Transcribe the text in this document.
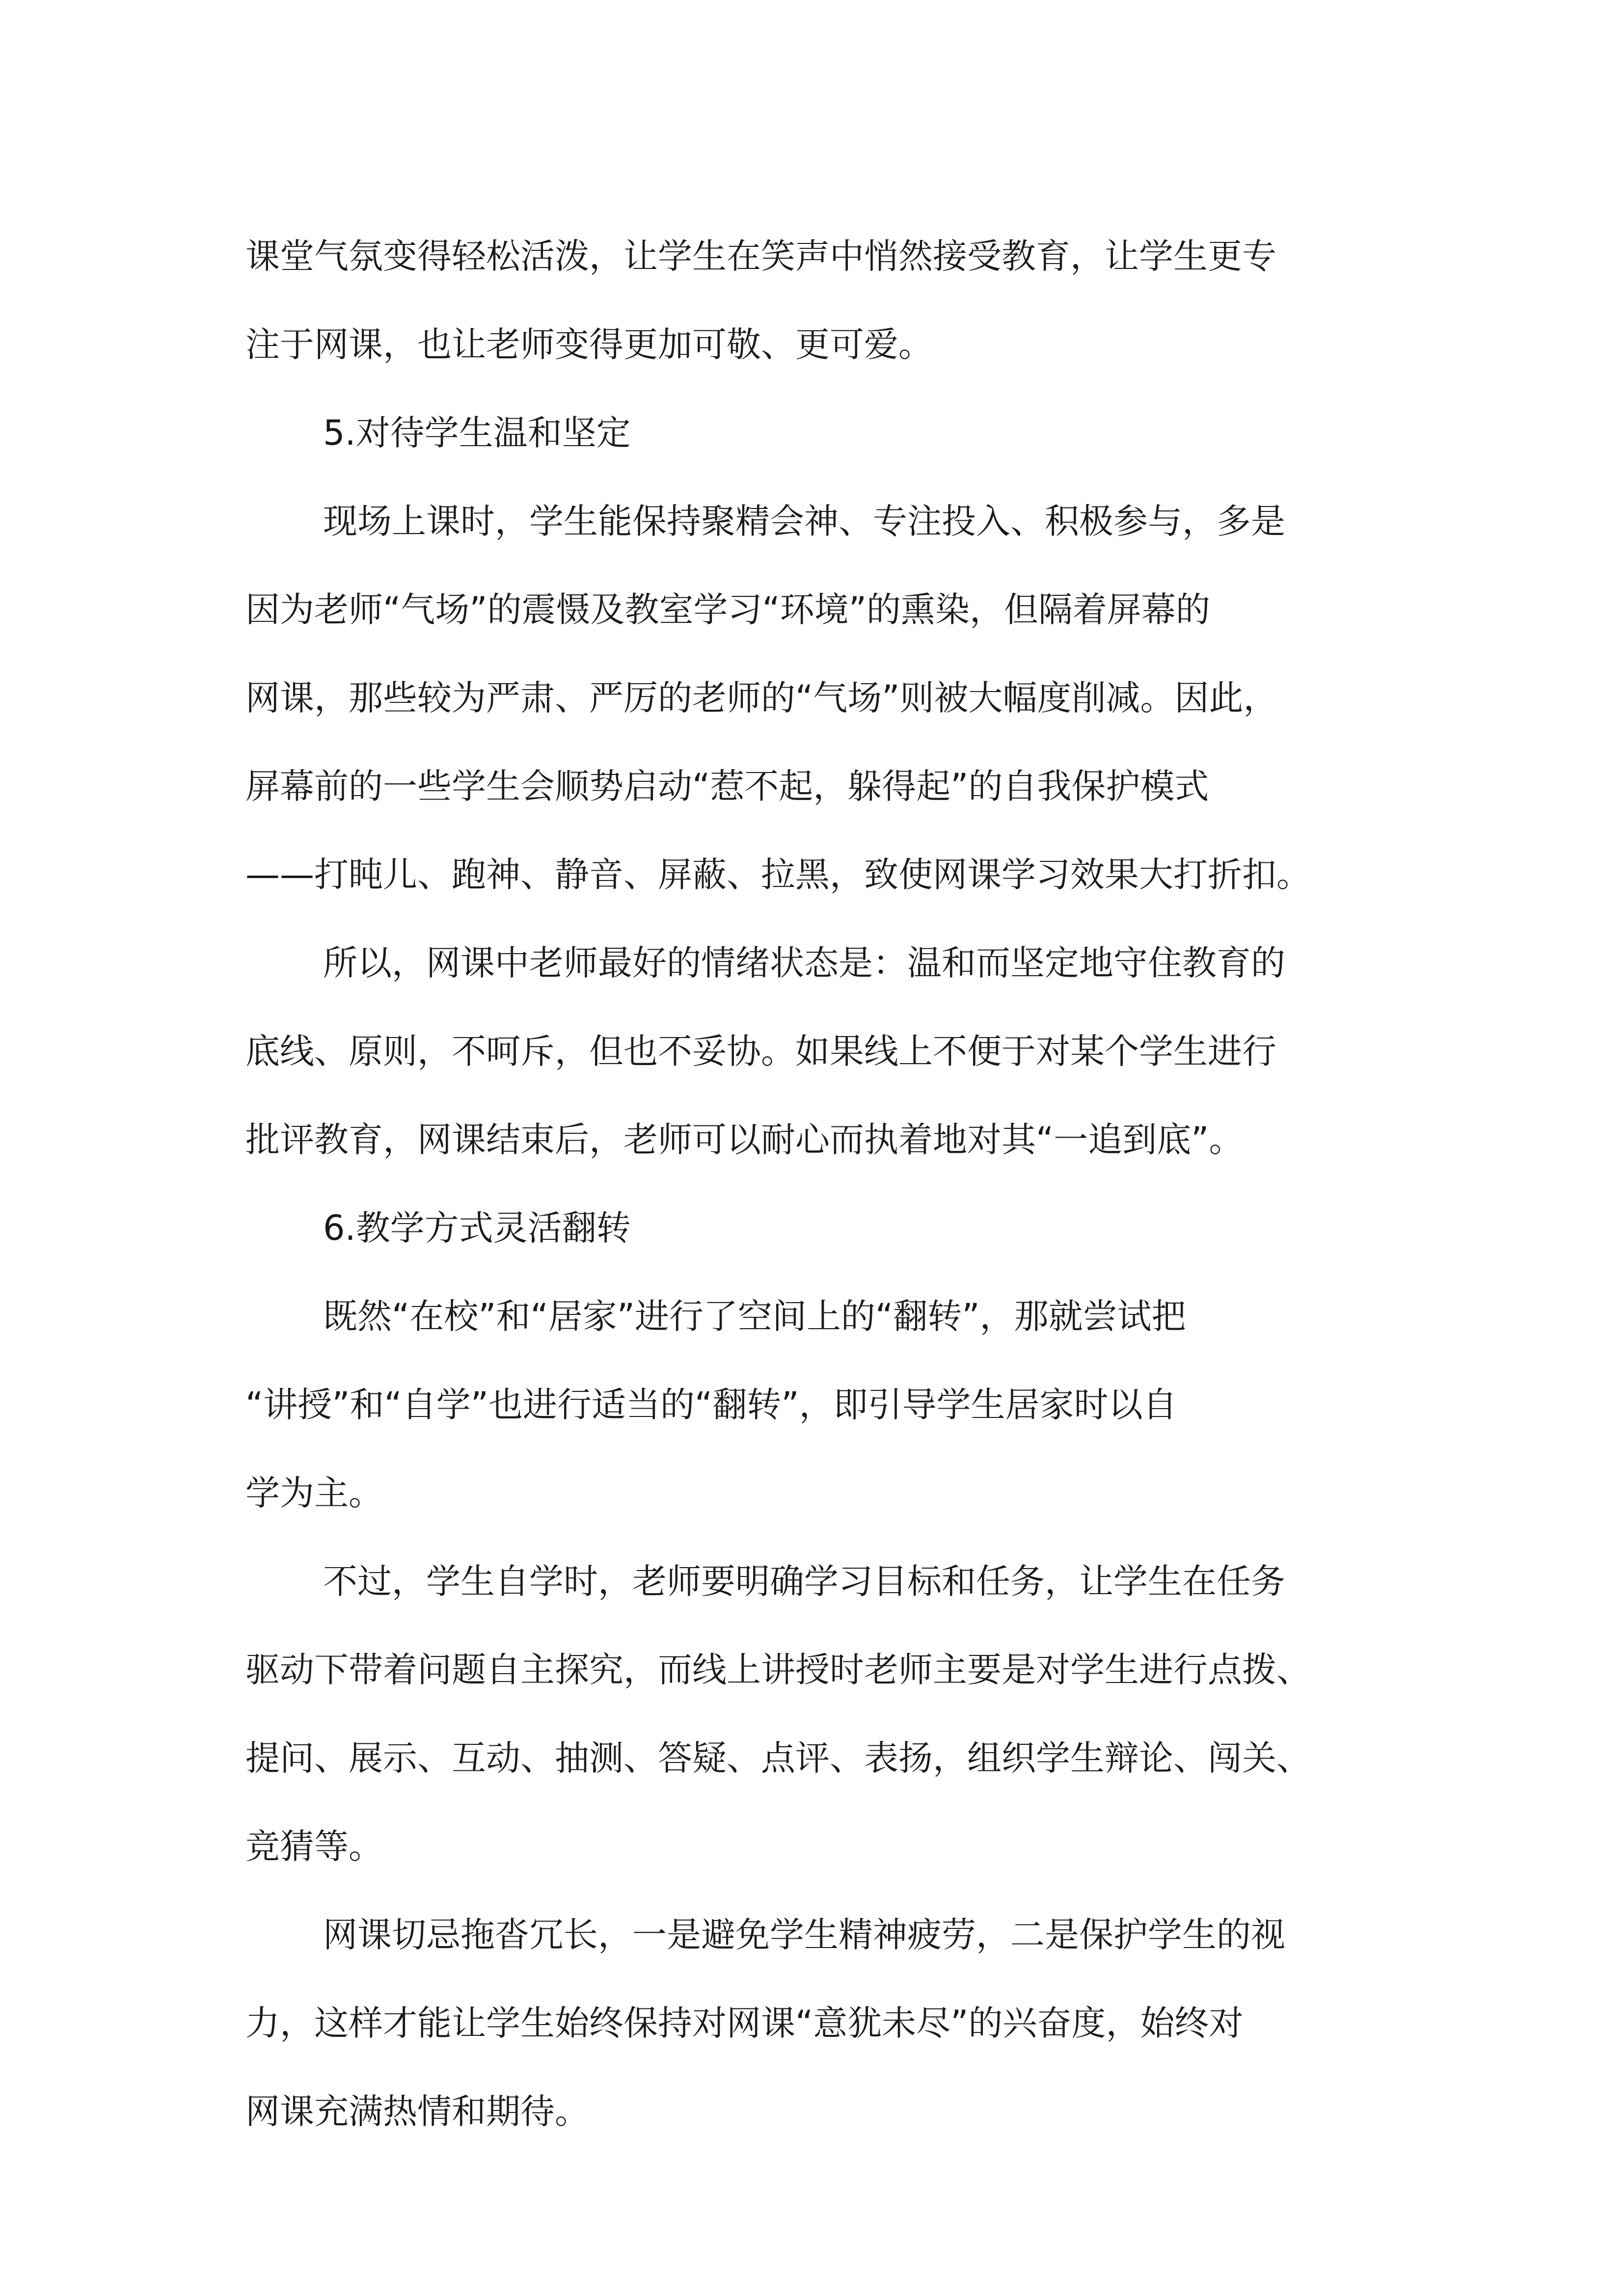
课堂气氛变得轻松活泼，让学生在笑声中悄然接受教育，让学生更专
注于网课，也让老师变得更加可敬、更可爱。
5.对待学生温和坚定
现场上课时，学生能保持聚精会神、专注投入、积极参与，多是
因为老师“气场”的震慑及教室学习“环境”的熏染，但隔着屏幕的
网课，那些较为严肃、严厉的老师的“气场”则被大幅度削减。因此，
屏幕前的一些学生会顺势启动“惹不起，躲得起”的自我保护模式
——打盹儿、跑神、静音、屏蔽、拉黑，致使网课学习效果大打折扣。
所以，网课中老师最好的情绪状态是：温和而坚定地守住教育的
底线、原则，不呵斥，但也不妥协。如果线上不便于对某个学生进行
批评教育，网课结束后，老师可以耐心而执着地对其“一追到底”。
6.教学方式灵活翻转
既然“在校”和“居家”进行了空间上的“翻转”，那就尝试把
“讲授”和“自学”也进行适当的“翻转”，即引导学生居家时以自
学为主。
不过，学生自学时，老师要明确学习目标和任务，让学生在任务
驱动下带着问题自主探究，而线上讲授时老师主要是对学生进行点拨、
提问、展示、互动、抽测、答疑、点评、表扬，组织学生辩论、闯关、
竞猜等。
网课切忌拖沓冗长，一是避免学生精神疲劳，二是保护学生的视
力，这样才能让学生始终保持对网课“意犹未尽”的兴奋度，始终对
网课充满热情和期待。
